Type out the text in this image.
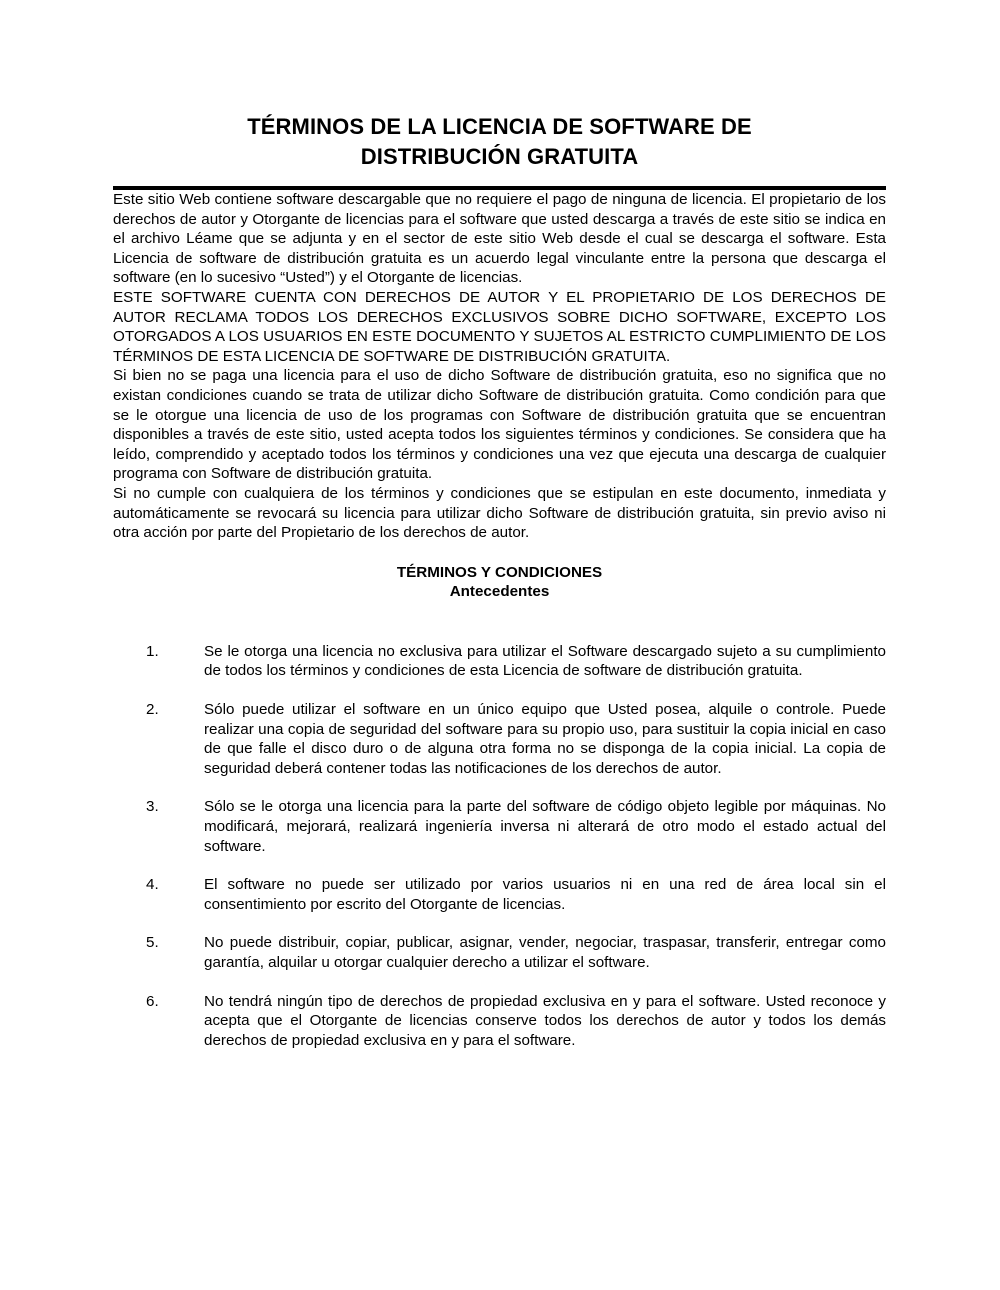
TÉRMINOS DE LA LICENCIA DE SOFTWARE DE
DISTRIBUCIÓN GRATUITA

Este sitio Web contiene software descargable que no requiere el pago de ninguna de licencia. El propietario de los derechos de autor y Otorgante de licencias para el software que usted descarga a través de este sitio se indica en el archivo Léame que se adjunta y en el sector de este sitio Web desde el cual se descarga el software. Esta Licencia de software de distribución gratuita es un acuerdo legal vinculante entre la persona que descarga el software (en lo sucesivo “Usted”) y el Otorgante de licencias.

ESTE SOFTWARE CUENTA CON DERECHOS DE AUTOR Y EL PROPIETARIO DE LOS DERECHOS DE AUTOR RECLAMA TODOS LOS DERECHOS EXCLUSIVOS SOBRE DICHO SOFTWARE, EXCEPTO LOS OTORGADOS A LOS USUARIOS EN ESTE DOCUMENTO Y SUJETOS AL ESTRICTO CUMPLIMIENTO DE LOS TÉRMINOS DE ESTA LICENCIA DE SOFTWARE DE DISTRIBUCIÓN GRATUITA.

Si bien no se paga una licencia para el uso de dicho Software de distribución gratuita, eso no significa que no existan condiciones cuando se trata de utilizar dicho Software de distribución gratuita. Como condición para que se le otorgue una licencia de uso de los programas con Software de distribución gratuita que se encuentran disponibles a través de este sitio, usted acepta todos los siguientes términos y condiciones. Se considera que ha leído, comprendido y aceptado todos los términos y condiciones una vez que ejecuta una descarga de cualquier programa con Software de distribución gratuita.

Si no cumple con cualquiera de los términos y condiciones que se estipulan en este documento, inmediata y automáticamente se revocará su licencia para utilizar dicho Software de distribución gratuita, sin previo aviso ni otra acción por parte del Propietario de los derechos de autor.

TÉRMINOS Y CONDICIONES
Antecedentes
1.	Se le otorga una licencia no exclusiva para utilizar el Software descargado sujeto a su cumplimiento de todos los términos y condiciones de esta Licencia de software de distribución gratuita.
2.	Sólo puede utilizar el software en un único equipo que Usted posea, alquile o controle. Puede realizar una copia de seguridad del software para su propio uso, para sustituir la copia inicial en caso de que falle el disco duro o de alguna otra forma no se disponga de la copia inicial. La copia de seguridad deberá contener todas las notificaciones de los derechos de autor.
3.	Sólo se le otorga una licencia para la parte del software de código objeto legible por máquinas. No modificará, mejorará, realizará ingeniería inversa ni alterará de otro modo el estado actual del software.
4.	El software no puede ser utilizado por varios usuarios ni en una red de área local sin el consentimiento por escrito del Otorgante de licencias.
5.	No puede distribuir, copiar, publicar, asignar, vender, negociar, traspasar, transferir, entregar como garantía, alquilar u otorgar cualquier derecho a utilizar el software.
6.	No tendrá ningún tipo de derechos de propiedad exclusiva en y para el software. Usted reconoce y acepta que el Otorgante de licencias conserve todos los derechos de autor y todos los demás derechos de propiedad exclusiva en y para el software.
